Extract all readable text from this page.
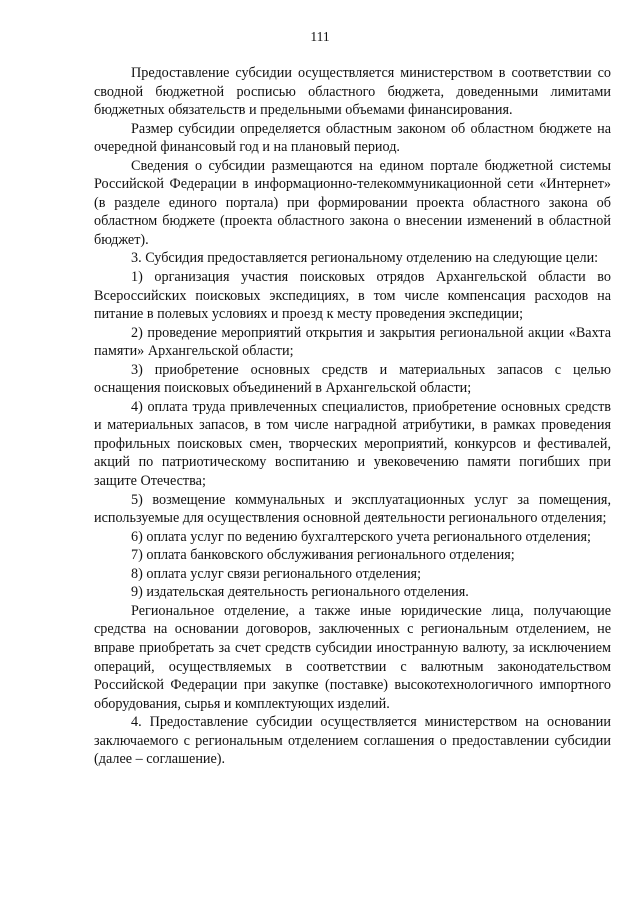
111

Предоставление субсидии осуществляется министерством в соответствии со сводной бюджетной росписью областного бюджета, доведенными лимитами бюджетных обязательств и предельными объемами финансирования.

Размер субсидии определяется областным законом об областном бюджете на очередной финансовый год и на плановый период.

Сведения о субсидии размещаются на едином портале бюджетной системы Российской Федерации в информационно-телекоммуникационной сети «Интернет» (в разделе единого портала) при формировании проекта областного закона об областном бюджете (проекта областного закона о внесении изменений в областной бюджет).

3. Субсидия предоставляется региональному отделению на следующие цели:

1) организация участия поисковых отрядов Архангельской области во Всероссийских поисковых экспедициях, в том числе компенсация расходов на питание в полевых условиях и проезд к месту проведения экспедиции;

2) проведение мероприятий открытия и закрытия региональной акции «Вахта памяти» Архангельской области;

3) приобретение основных средств и материальных запасов с целью оснащения поисковых объединений в Архангельской области;

4) оплата труда привлеченных специалистов, приобретение основных средств и материальных запасов, в том числе наградной атрибутики, в рамках проведения профильных поисковых смен, творческих мероприятий, конкурсов и фестивалей, акций по патриотическому воспитанию и увековечению памяти погибших при защите Отечества;

5) возмещение коммунальных и эксплуатационных услуг за помещения, используемые для осуществления основной деятельности регионального отделения;

6) оплата услуг по ведению бухгалтерского учета регионального отделения;

7) оплата банковского обслуживания регионального отделения;

8) оплата услуг связи регионального отделения;

9) издательская деятельность регионального отделения.

Региональное отделение, а также иные юридические лица, получающие средства на основании договоров, заключенных с региональным отделением, не вправе приобретать за счет средств субсидии иностранную валюту, за исключением операций, осуществляемых в соответствии с валютным законодательством Российской Федерации при закупке (поставке) высокотехнологичного импортного оборудования, сырья и комплектующих изделий.

4. Предоставление субсидии осуществляется министерством на основании заключаемого с региональным отделением соглашения о предоставлении субсидии (далее – соглашение).
